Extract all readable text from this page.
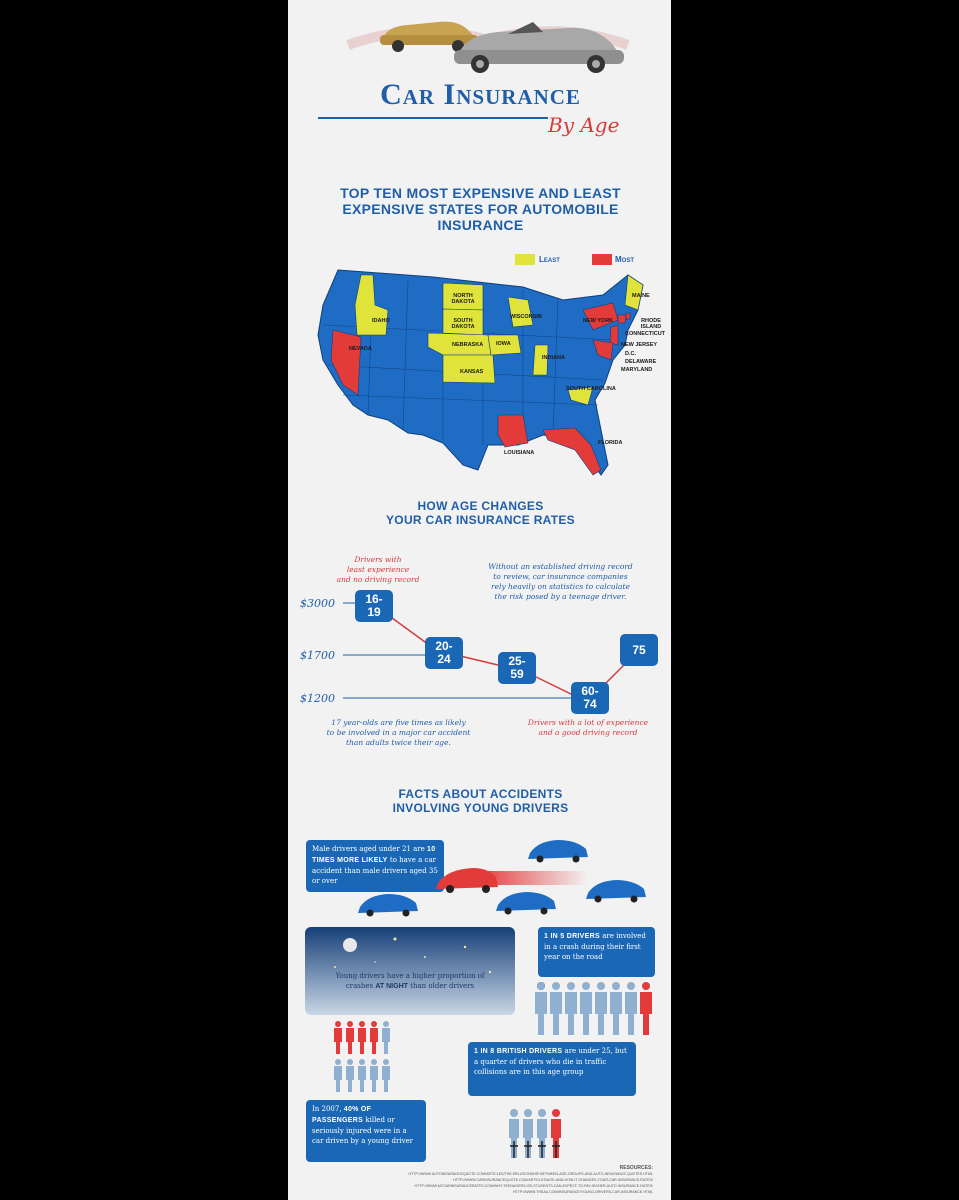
Car Insurance
By Age
TOP TEN MOST EXPENSIVE AND LEAST
EXPENSIVE STATES FOR AUTOMOBILE
INSURANCE
Least	Most
IDAHO
NEVADA
NORTH DAKOTA
SOUTH DAKOTA
NEBRASKA
KANSAS
IOWA
WISCONSIN
INDIANA
LOUISIANA
FLORIDA
NEW YORK
MAINE
RHODE ISLAND
CONNECTICUT
NEW JERSEY
D.C.
DELAWARE
MARYLAND
SOUTH CAROLINA
HOW AGE CHANGES
YOUR CAR INSURANCE RATES
Drivers with
least experience
and no driving record
Without an established driving record
to review, car insurance companies
rely heavily on statistics to calculate
the risk posed by a teenage driver.
$3000
$1700
$1200
16-
19
20-
24	25-
59
60-
74
75
17 year-olds are five times as likely
to be involved in a major car accident
than adults twice their age.
Drivers with a lot of experience
and a good driving record
FACTS ABOUT ACCIDENTS
INVOLVING YOUNG DRIVERS
Male drivers aged under 21 are 10 TIMES MORE LIKELY to have a car accident than male drivers aged 35 or over
Young drivers have a higher proportion of crashes AT NIGHT than older drivers
1 IN 5 DRIVERS are involved in a crash during their first year on the road
1 IN 8 BRITISH DRIVERS are under 25, but a quarter of drivers who die in traffic collisions are in this age group
In 2007, 40% OF PASSENGERS killed or seriously injured were in a car driven by a young driver
RESOURCES:
HTTP://WWW.AUTOINSURANCEQUOTE.COM/ARTICLES/THE-RELATIONSHIP-BETWEEN-AGE-GROUPS-AND-AUTO-INSURANCE-QUOTES.HTML
HTTP://WWW.CARINSURANCEQUOTE.COM/ARTICLES/AGE-AND-HOW-IT-CHANGES-YOUR-CAR-INSURANCE-RATES/
HTTP://WWW.MYCARINSURANCERATES.COM/WHY-TEENAGERS-OR-STUDENTS-CAN-EXPECT-TO-PAY-HIGHER-AUTO-INSURANCE-RATES/
HTTP://WWW.THEAA.COM/INSURANCE/YOUNG-DRIVERS-CAR-INSURANCE.HTML
